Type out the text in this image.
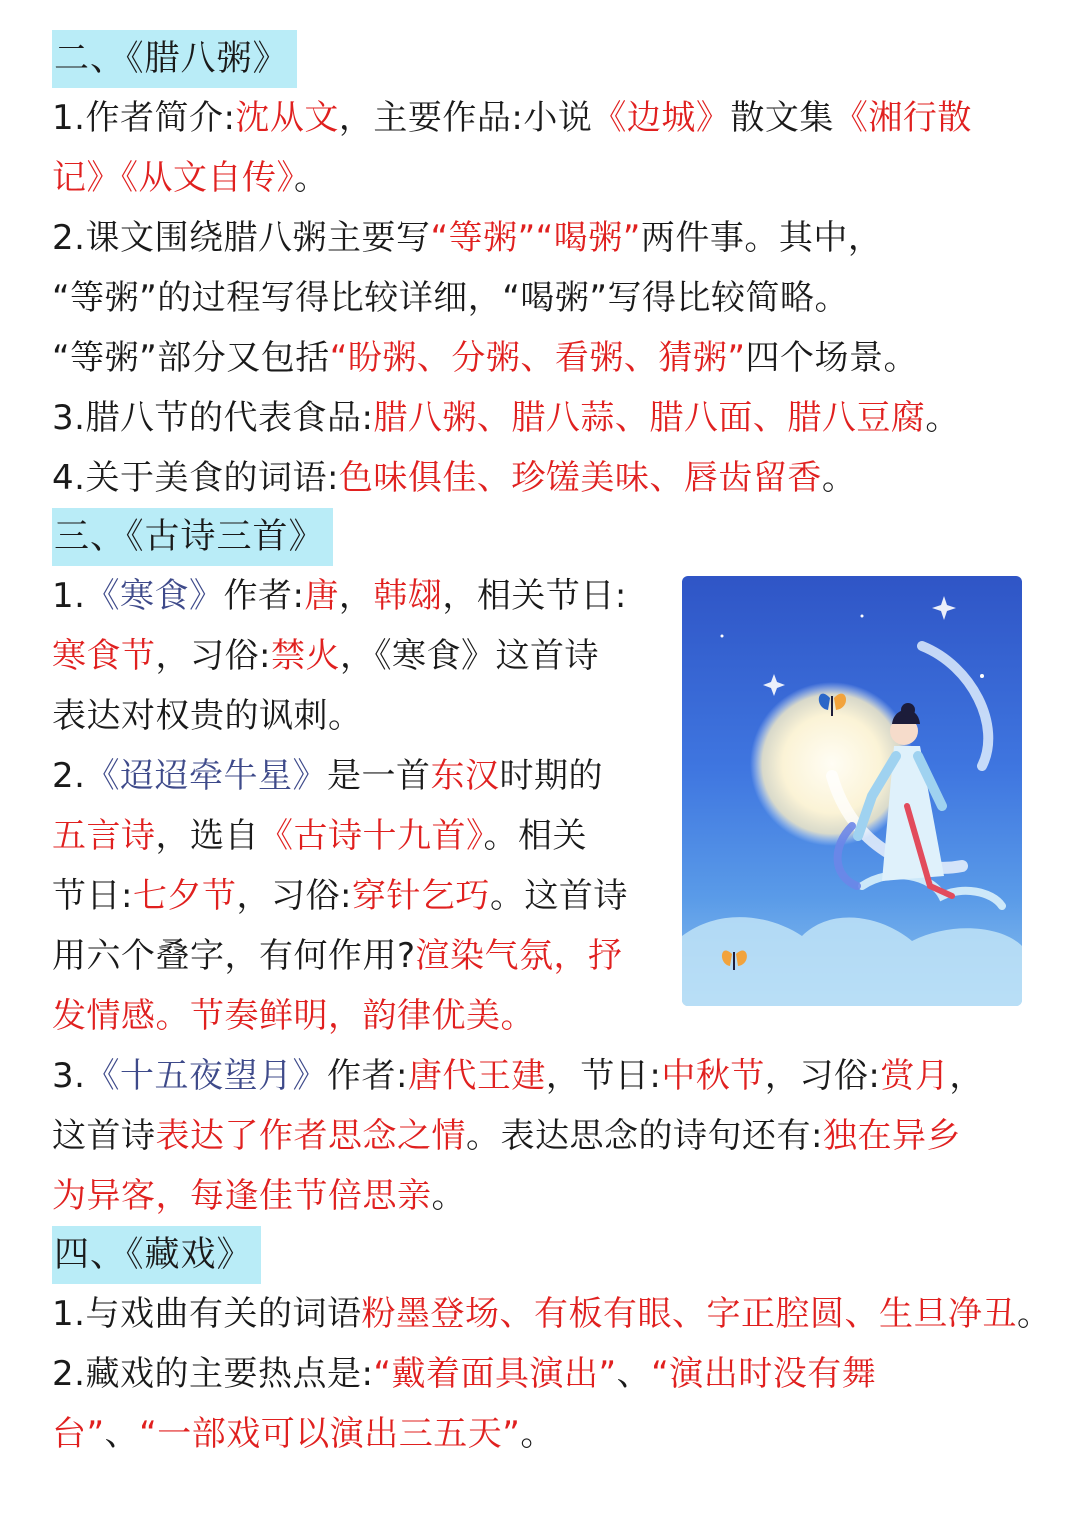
二、《腊八粥》
1.作者简介:沈从文，主要作品:小说《边城》散文集《湘行散
记》《从文自传》。
2.课文围绕腊八粥主要写“等粥”“喝粥”两件事。其中，
“等粥”的过程写得比较详细，“喝粥”写得比较简略。
“等粥”部分又包括“盼粥、分粥、看粥、猜粥”四个场景。
3.腊八节的代表食品:腊八粥、腊八蒜、腊八面、腊八豆腐。
4.关于美食的词语:色味俱佳、珍馐美味、唇齿留香。
三、《古诗三首》
1.《寒食》作者:唐，韩翃，相关节日:
寒食节，习俗:禁火，《寒食》这首诗
表达对权贵的讽刺。
2.《迢迢牵牛星》是一首东汉时期的
五言诗，选自《古诗十九首》。相关
节日:七夕节，习俗:穿针乞巧。这首诗
用六个叠字，有何作用?渲染气氛，抒
发情感。节奏鲜明，韵律优美。
3.《十五夜望月》作者:唐代王建，节日:中秋节，习俗:赏月，
这首诗表达了作者思念之情。表达思念的诗句还有:独在异乡
为异客，每逢佳节倍思亲。
四、《藏戏》
1.与戏曲有关的词语粉墨登场、有板有眼、字正腔圆、生旦净丑。
2.藏戏的主要热点是:“戴着面具演出”、“演出时没有舞
台”、“一部戏可以演出三五天”。
